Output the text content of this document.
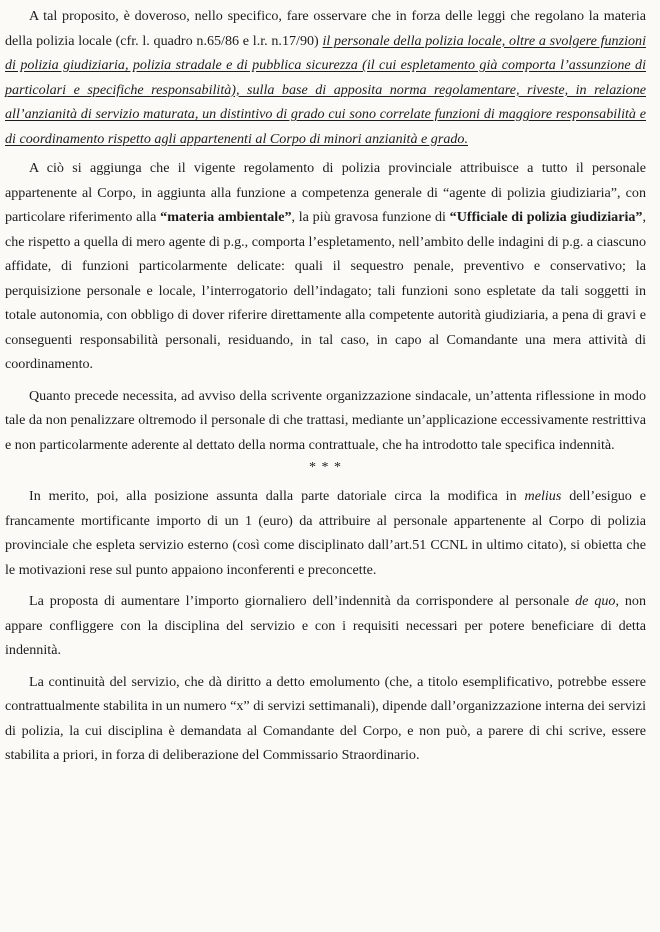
A tal proposito, è doveroso, nello specifico, fare osservare che in forza delle leggi che regolano la materia della polizia locale (cfr. l. quadro n.65/86 e l.r. n.17/90) il personale della polizia locale, oltre a svolgere funzioni di polizia giudiziaria, polizia stradale e di pubblica sicurezza (il cui espletamento già comporta l’assunzione di particolari e specifiche responsabilità), sulla base di apposita norma regolamentare, riveste, in relazione all’anzianità di servizio maturata, un distintivo di grado cui sono correlate funzioni di maggiore responsabilità e di coordinamento rispetto agli appartenenti al Corpo di minori anzianità e grado.

A ciò si aggiunga che il vigente regolamento di polizia provinciale attribuisce a tutto il personale appartenente al Corpo, in aggiunta alla funzione a competenza generale di “agente di polizia giudiziaria”, con particolare riferimento alla “materia ambientale”, la più gravosa funzione di “Ufficiale di polizia giudiziaria”, che rispetto a quella di mero agente di p.g., comporta l’espletamento, nell’ambito delle indagini di p.g. a ciascuno affidate, di funzioni particolarmente delicate: quali il sequestro penale, preventivo e conservativo; la perquisizione personale e locale, l’interrogatorio dell’indagato; tali funzioni sono espletate da tali soggetti in totale autonomia, con obbligo di dover riferire direttamente alla competente autorità giudiziaria, a pena di gravi e conseguenti responsabilità personali, residuando, in tal caso, in capo al Comandante una mera attività di coordinamento.

Quanto precede necessita, ad avviso della scrivente organizzazione sindacale, un’attenta riflessione in modo tale da non penalizzare oltremodo il personale di che trattasi, mediante un’applicazione eccessivamente restrittiva e non particolarmente aderente al dettato della norma contrattuale, che ha introdotto tale specifica indennità.

* * *

In merito, poi, alla posizione assunta dalla parte datoriale circa la modifica in melius dell’esiguo e francamente mortificante importo di un 1 (euro) da attribuire al personale appartenente al Corpo di polizia provinciale che espleta servizio esterno (così come disciplinato dall’art.51 CCNL in ultimo citato), si obietta che le motivazioni rese sul punto appaiono inconferenti e preconcette.

La proposta di aumentare l’importo giornaliero dell’indennità da corrispondere al personale de quo, non appare confliggere con la disciplina del servizio e con i requisiti necessari per potere beneficiare di detta indennità.

La continuità del servizio, che dà diritto a detto emolumento (che, a titolo esemplificativo, potrebbe essere contrattualmente stabilita in un numero “x” di servizi settimanali), dipende dall’organizzazione interna dei servizi di polizia, la cui disciplina è demandata al Comandante del Corpo, e non può, a parere di chi scrive, essere stabilita a priori, in forza di deliberazione del Commissario Straordinario.
